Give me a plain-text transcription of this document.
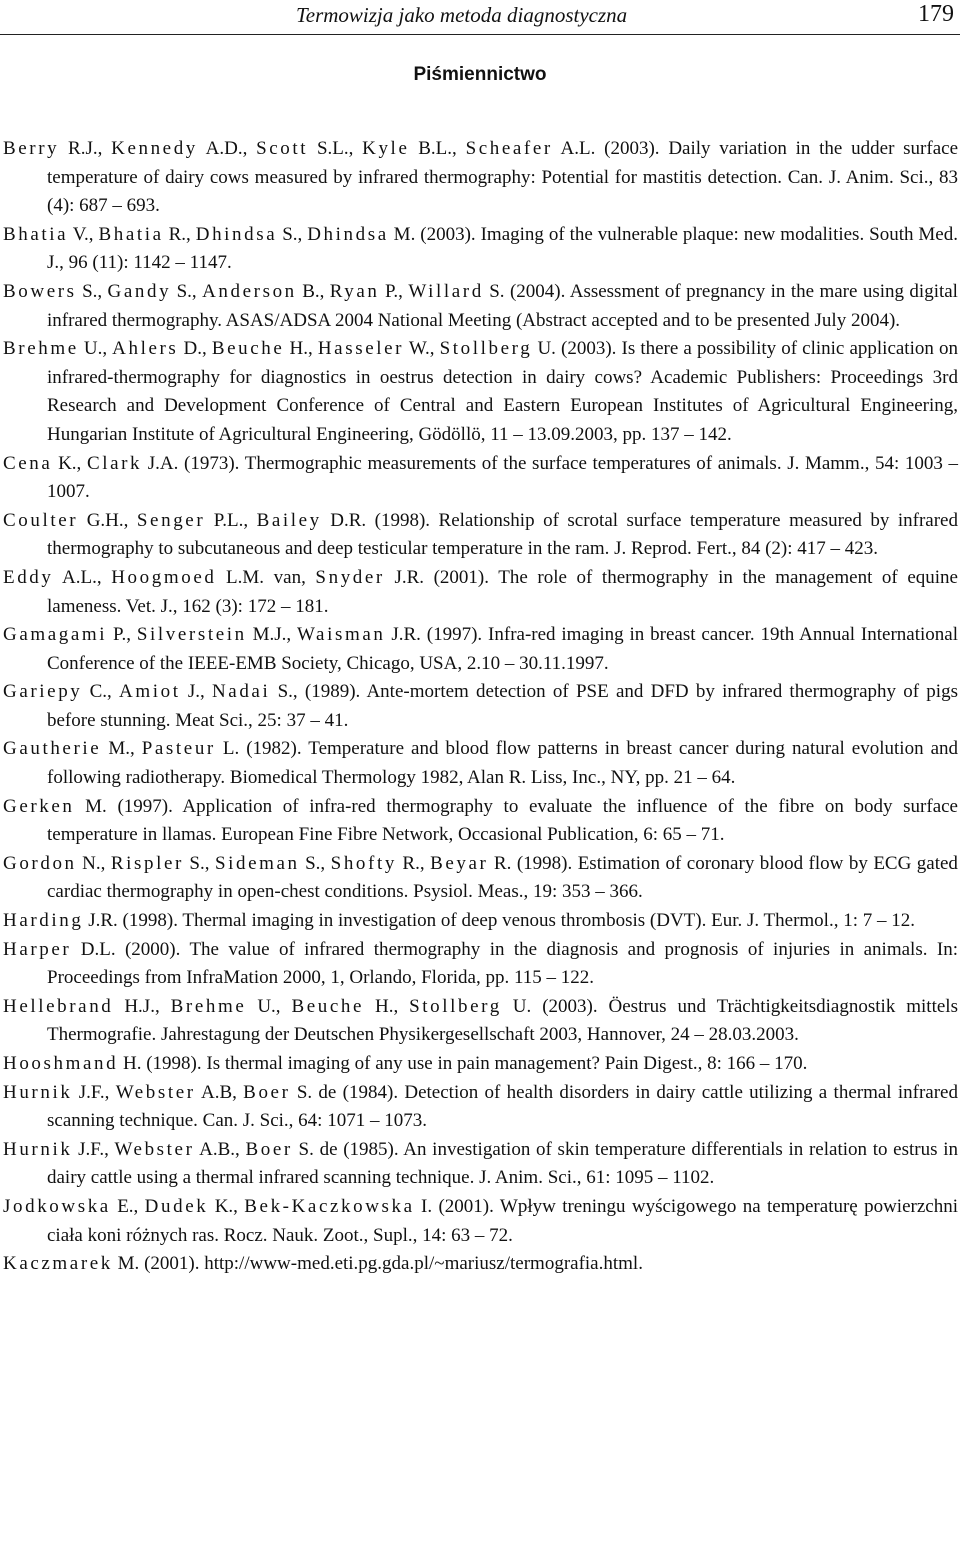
Termowizja jako metoda diagnostyczna	179
Piśmiennictwo

Berry R.J., Kennedy A.D., Scott S.L., Kyle B.L., Scheafer A.L. (2003). Daily variation in the udder surface temperature of dairy cows measured by infrared thermography: Potential for mastitis detection. Can. J. Anim. Sci., 83 (4): 687 – 693.

Bhatia V., Bhatia R., Dhindsa S., Dhindsa M. (2003). Imaging of the vulnerable plaque: new modalities. South Med. J., 96 (11): 1142 – 1147.

Bowers S., Gandy S., Anderson B., Ryan P., Willard S. (2004). Assessment of pregnancy in the mare using digital infrared thermography. ASAS/ADSA 2004 National Meeting (Abstract accepted and to be presented July 2004).

Brehme U., Ahlers D., Beuche H., Hasseler W., Stollberg U. (2003). Is there a possibility of clinic application on infrared-thermography for diagnostics in oestrus detection in dairy cows? Academic Publishers: Proceedings 3rd Research and Development Conference of Central and Eastern European Institutes of Agricultural Engineering, Hungarian Institute of Agricultural Engineering, Gödöllö, 11 – 13.09.2003, pp. 137 – 142.

Cena K., Clark J.A. (1973). Thermographic measurements of the surface temperatures of animals. J. Mamm., 54: 1003 – 1007.

Coulter G.H., Senger P.L., Bailey D.R. (1998). Relationship of scrotal surface temperature measured by infrared thermography to subcutaneous and deep testicular temperature in the ram. J. Reprod. Fert., 84 (2): 417 – 423.

Eddy A.L., Hoogmoed L.M. van, Snyder J.R. (2001). The role of thermography in the management of equine lameness. Vet. J., 162 (3): 172 – 181.

Gamagami P., Silverstein M.J., Waisman J.R. (1997). Infra-red imaging in breast cancer. 19th Annual International Conference of the IEEE-EMB Society, Chicago, USA, 2.10 – 30.11.1997.

Gariepy C., Amiot J., Nadai S., (1989). Ante-mortem detection of PSE and DFD by infrared thermography of pigs before stunning. Meat Sci., 25: 37 – 41.

Gautherie M., Pasteur L. (1982). Temperature and blood flow patterns in breast cancer during natural evolution and following radiotherapy. Biomedical Thermology 1982, Alan R. Liss, Inc., NY, pp. 21 – 64.

Gerken M. (1997). Application of infra-red thermography to evaluate the influence of the fibre on body surface temperature in llamas. European Fine Fibre Network, Occasional Publication, 6: 65 – 71.

Gordon N., Rispler S., Sideman S., Shofty R., Beyar R. (1998). Estimation of coronary blood flow by ECG gated cardiac thermography in open-chest conditions. Psysiol. Meas., 19: 353 – 366.

Harding J.R. (1998). Thermal imaging in investigation of deep venous thrombosis (DVT). Eur. J. Thermol., 1: 7 – 12.

Harper D.L. (2000). The value of infrared thermography in the diagnosis and prognosis of injuries in animals. In: Proceedings from InfraMation 2000, 1, Orlando, Florida, pp. 115 – 122.

Hellebrand H.J., Brehme U., Beuche H., Stollberg U. (2003). Öestrus und Trächtigkeitsdiagnostik mittels Thermografie. Jahrestagung der Deutschen Physikergesellschaft 2003, Hannover, 24 – 28.03.2003.

Hooshmand H. (1998). Is thermal imaging of any use in pain management? Pain Digest., 8: 166 – 170.

Hurnik J.F., Webster A.B, Boer S. de (1984). Detection of health disorders in dairy cattle utilizing a thermal infrared scanning technique. Can. J. Sci., 64: 1071 – 1073.

Hurnik J.F., Webster A.B., Boer S. de (1985). An investigation of skin temperature differentials in relation to estrus in dairy cattle using a thermal infrared scanning technique. J. Anim. Sci., 61: 1095 – 1102.

Jodkowska E., Dudek K., Bek-Kaczkowska I. (2001). Wpływ treningu wyścigowego na temperaturę powierzchni ciała koni różnych ras. Rocz. Nauk. Zoot., Supl., 14: 63 – 72.

Kaczmarek M. (2001). http://www-med.eti.pg.gda.pl/~mariusz/termografia.html.
